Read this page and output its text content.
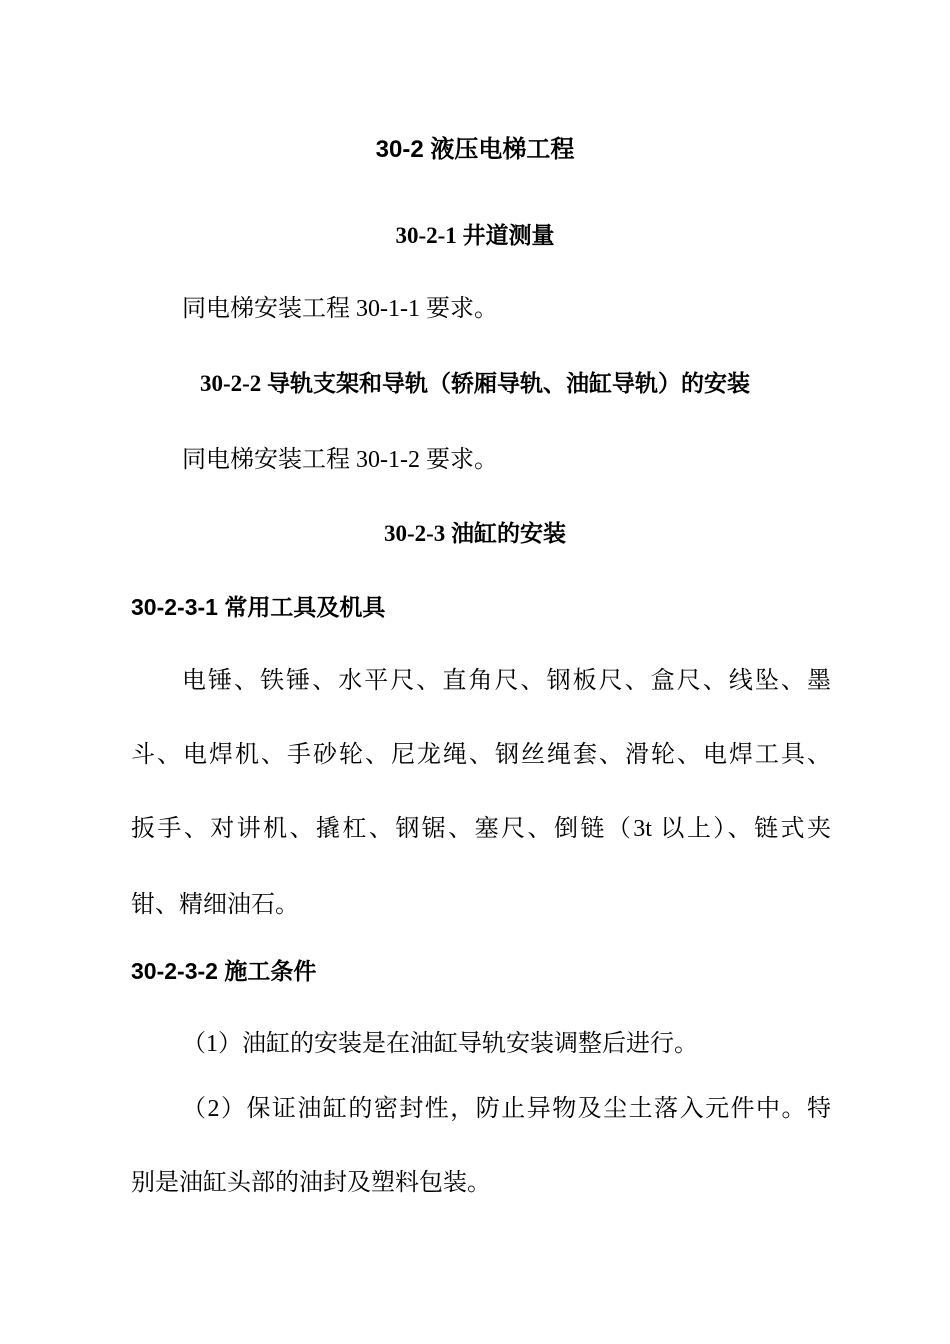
30-2 液压电梯工程
30-2-1 井道测量
同电梯安装工程 30-1-1 要求。
30-2-2 导轨支架和导轨（轿厢导轨、油缸导轨）的安装
同电梯安装工程 30-1-2 要求。
30-2-3 油缸的安装
30-2-3-1 常用工具及机具
电锤、铁锤、水平尺、直角尺、钢板尺、盒尺、线坠、墨
斗、电焊机、手砂轮、尼龙绳、钢丝绳套、滑轮、电焊工具、
扳手、对讲机、撬杠、钢锯、塞尺、倒链（3t 以上）、链式夹
钳、精细油石。
30-2-3-2 施工条件
（1）油缸的安装是在油缸导轨安装调整后进行。
（2）保证油缸的密封性，防止异物及尘土落入元件中。特
别是油缸头部的油封及塑料包装。
